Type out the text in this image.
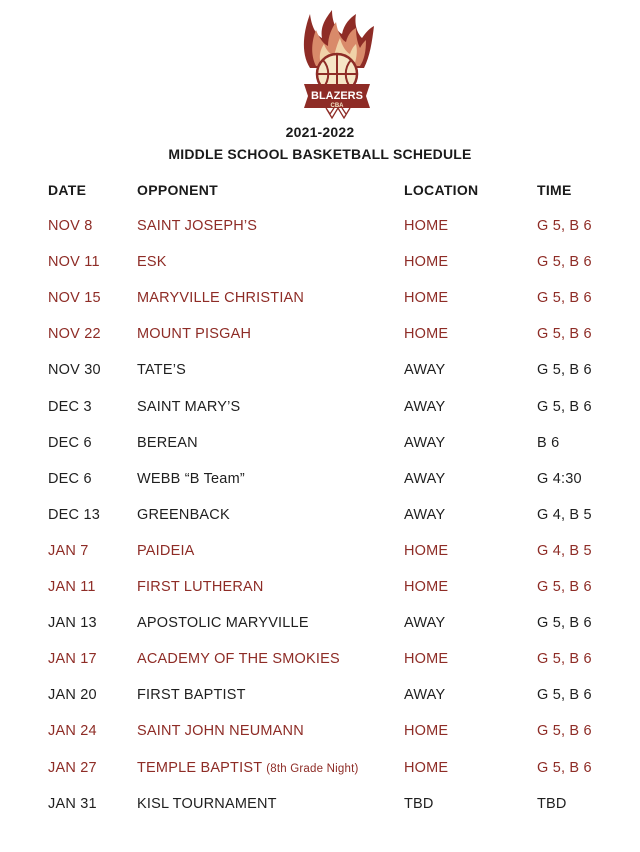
BLAZERS
CBA
2021-2022
MIDDLE SCHOOL BASKETBALL SCHEDULE
DATE	OPPONENT	LOCATION	TIME
NOV 8	SAINT JOSEPH’S	HOME	G 5, B 6
NOV 11	ESK	HOME	G 5, B 6
NOV 15 MARYVILLE CHRISTIAN	HOME	G 5, B 6
NOV 22 MOUNT PISGAH	HOME	G 5, B 6
NOV 30 TATE’S	AWAY	G 5, B 6
DEC 3	SAINT MARY’S	AWAY	G 5, B 6
DEC 6	BEREAN	AWAY	B 6
DEC 6	WEBB “B Team”	AWAY	G 4:30
DEC 13	GREENBACK	AWAY	G 4, B 5
JAN 7	PAIDEIA	HOME	G 4, B 5
JAN 11	FIRST LUTHERAN	HOME	G 5, B 6
JAN 13	APOSTOLIC MARYVILLE	AWAY	G 5, B 6
JAN 17	ACADEMY OF THE SMOKIES	HOME	G 5, B 6
JAN 20	FIRST BAPTIST	AWAY	G 5, B 6
JAN 24	SAINT JOHN NEUMANN	HOME	G 5, B 6
JAN 27	TEMPLE BAPTIST (8th Grade Night)	HOME	G 5, B 6
JAN 31	KISL TOURNAMENT	TBD	TBD
